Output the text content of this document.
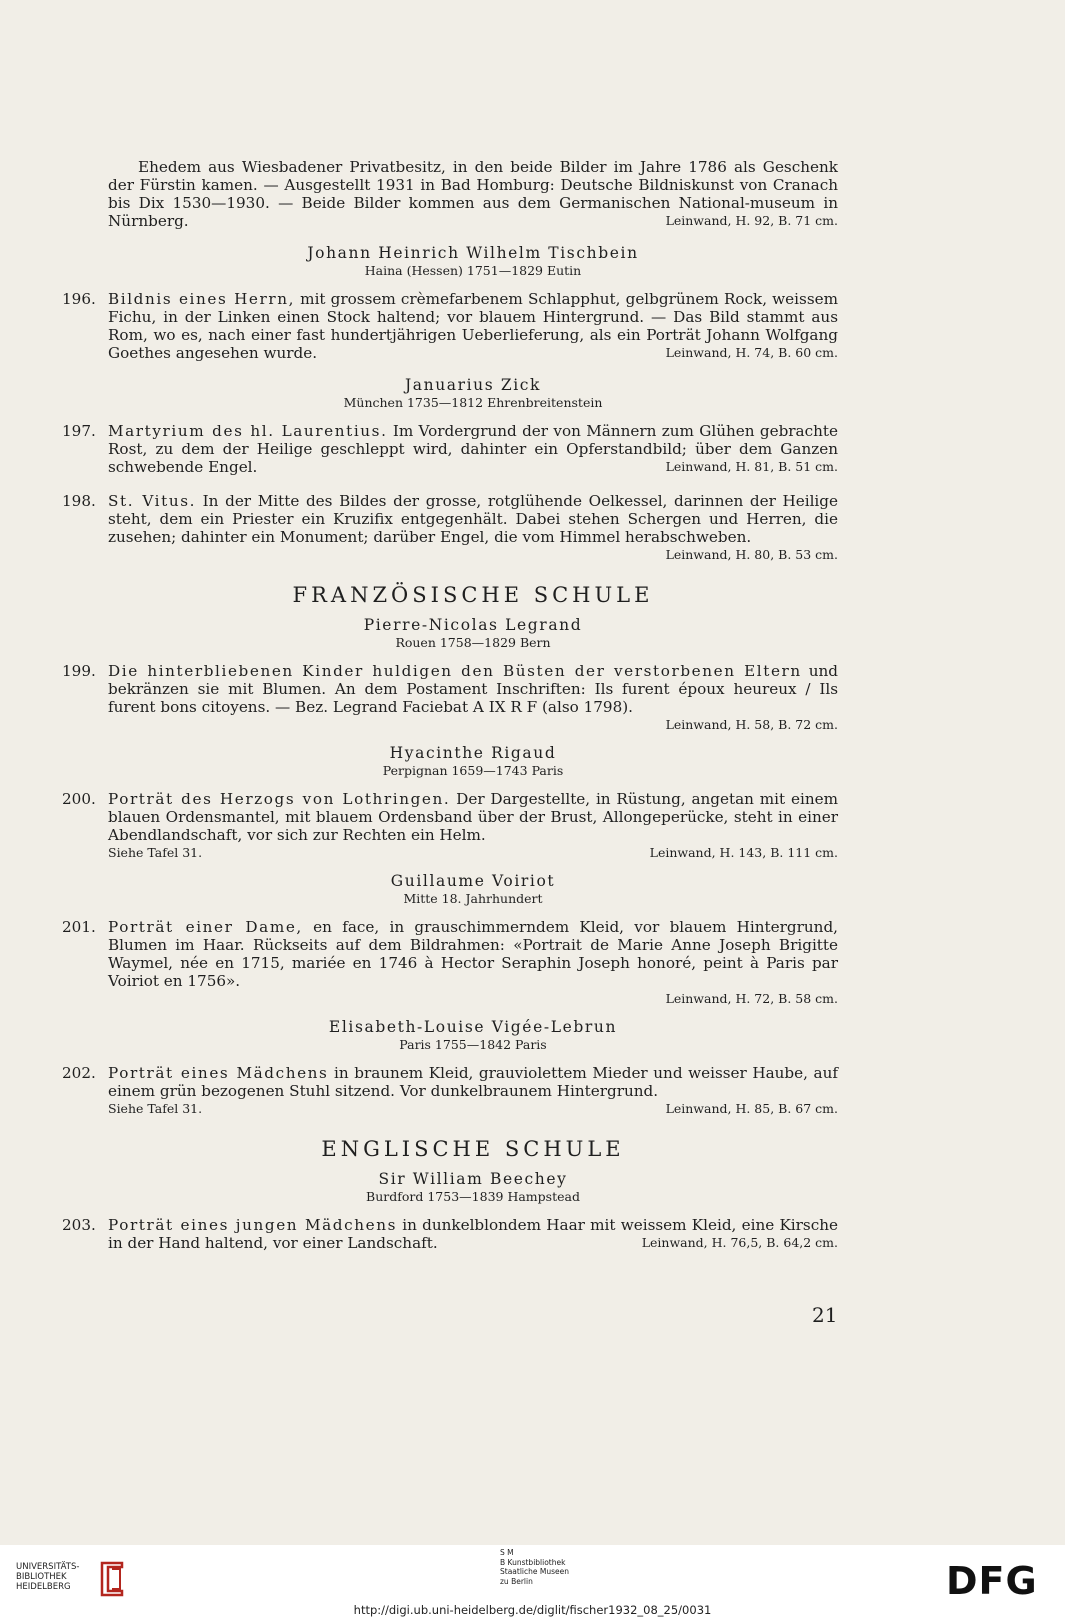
Ehedem aus Wiesbadener Privatbesitz, in den beide Bilder im Jahre 1786 als Geschenk der Fürstin kamen. — Ausgestellt 1931 in Bad Homburg: Deutsche Bildniskunst von Cranach bis Dix 1530—1930. — Beide Bilder kommen aus dem Germanischen National-museum in Nürnberg.	Leinwand, H. 92, B. 71 cm.
Johann Heinrich Wilhelm Tischbein
Haina (Hessen) 1751—1829 Eutin
196. Bildnis eines Herrn, mit grossem crèmefarbenem Schlapphut, gelbgrünem Rock, weissem Fichu, in der Linken einen Stock haltend; vor blauem Hintergrund. — Das Bild stammt aus Rom, wo es, nach einer fast hundertjährigen Ueberlieferung, als ein Porträt Johann Wolfgang Goethes angesehen wurde.	Leinwand, H. 74, B. 60 cm.
Januarius Zick
München 1735—1812 Ehrenbreitenstein
197. Martyrium des hl. Laurentius. Im Vordergrund der von Männern zum Glühen gebrachte Rost, zu dem der Heilige geschleppt wird, dahinter ein Opferstandbild; über dem Ganzen schwebende Engel.	Leinwand, H. 81, B. 51 cm.
198. St. Vitus. In der Mitte des Bildes der grosse, rotglühende Oelkessel, darinnen der Heilige steht, dem ein Priester ein Kruzifix entgegenhält. Dabei stehen Schergen und Herren, die zusehen; dahinter ein Monument; darüber Engel, die vom Himmel herabschweben.

Leinwand, H. 80, B. 53 cm.
FRANZÖSISCHE SCHULE
Pierre-Nicolas Legrand
Rouen 1758—1829 Bern
199. Die hinterbliebenen Kinder huldigen den Büsten der verstorbenen Eltern und bekränzen sie mit Blumen. An dem Postament Inschriften: Ils furent époux heureux / Ils furent bons citoyens. — Bez. Legrand Faciebat A IX R F (also 1798).

Leinwand, H. 58, B. 72 cm.
Hyacinthe Rigaud
Perpignan 1659—1743 Paris
200. Porträt des Herzogs von Lothringen. Der Dargestellte, in Rüstung, angetan mit einem blauen Ordensmantel, mit blauem Ordensband über der Brust, Allongeperücke, steht in einer Abendlandschaft, vor sich zur Rechten ein Helm.

Siehe Tafel 31.	Leinwand, H. 143, B. 111 cm.
Guillaume Voiriot
Mitte 18. Jahrhundert
201. Porträt einer Dame, en face, in grauschimmerndem Kleid, vor blauem Hintergrund, Blumen im Haar. Rückseits auf dem Bildrahmen: «Portrait de Marie Anne Joseph Brigitte Waymel, née en 1715, mariée en 1746 à Hector Seraphin Joseph honoré, peint à Paris par Voiriot en 1756».

Leinwand, H. 72, B. 58 cm.
Elisabeth-Louise Vigée-Lebrun
Paris 1755—1842 Paris
202. Porträt eines Mädchens in braunem Kleid, grauviolettem Mieder und weisser Haube, auf einem grün bezogenen Stuhl sitzend. Vor dunkelbraunem Hintergrund.

Siehe Tafel 31.	Leinwand, H. 85, B. 67 cm.
ENGLISCHE SCHULE
Sir William Beechey
Burdford 1753—1839 Hampstead
203. Porträt eines jungen Mädchens in dunkelblondem Haar mit weissem Kleid, eine Kirsche in der Hand haltend, vor einer Landschaft.	Leinwand, H. 76,5, B. 64,2 cm.
21
UNIVERSITÄTS-
BIBLIOTHEK
HEIDELBERG
S M
B Kunstbibliothek
Staatliche Museen
zu Berlin	DFG
http://digi.ub.uni-heidelberg.de/diglit/fischer1932_08_25/0031
